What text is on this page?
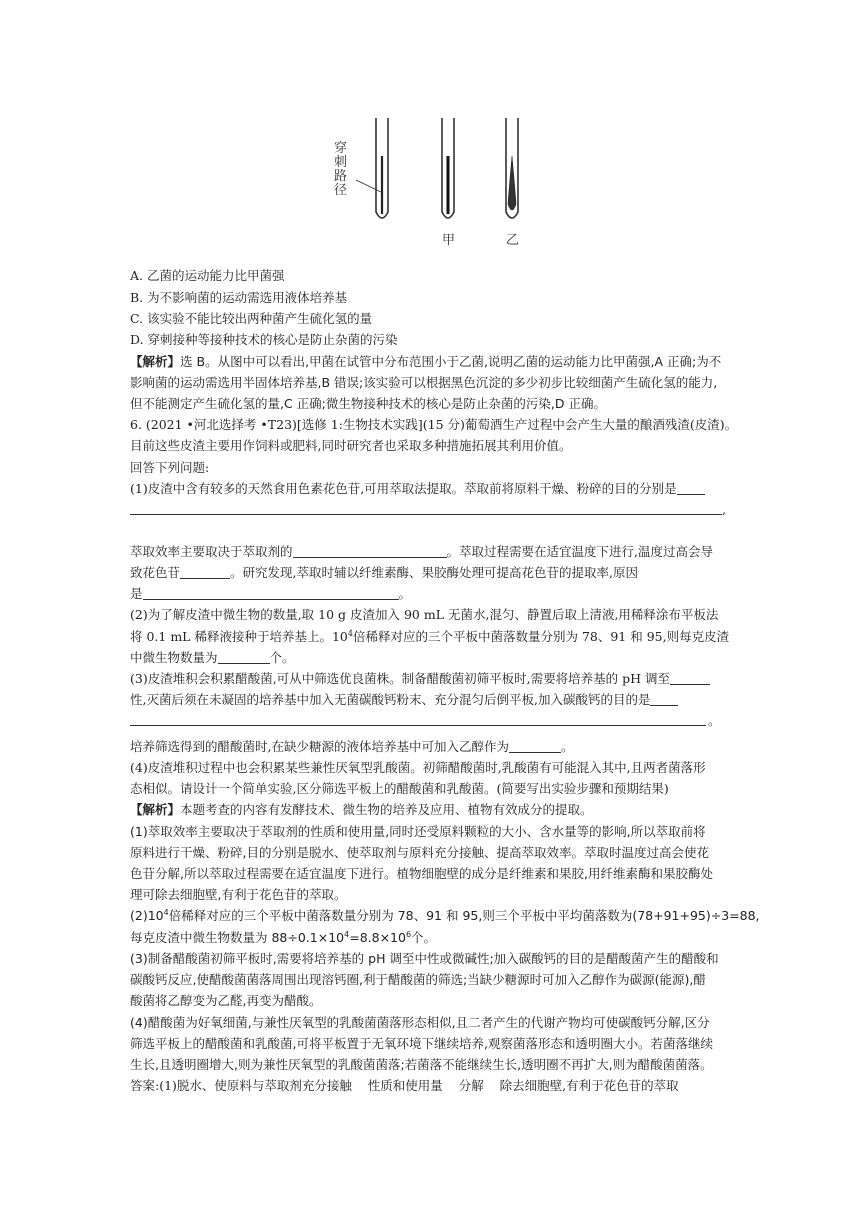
穿
刺
路
径
甲	乙
A. 乙菌的运动能力比甲菌强
B. 为不影响菌的运动需选用液体培养基
C. 该实验不能比较出两种菌产生硫化氢的量
D. 穿刺接种等接种技术的核心是防止杂菌的污染
【解析】选 B。从图中可以看出,甲菌在试管中分布范围小于乙菌,说明乙菌的运动能力比甲菌强,A 正确;为不
影响菌的运动需选用半固体培养基,B 错误;该实验可以根据黑色沉淀的多少初步比较细菌产生硫化氢的能力,
但不能测定产生硫化氢的量,C 正确;微生物接种技术的核心是防止杂菌的污染,D 正确。
6. (2021 •河北选择考 •T23)[选修 1:生物技术实践](15 分)葡萄酒生产过程中会产生大量的酿酒残渣(皮渣)。
目前这些皮渣主要用作饲料或肥料,同时研究者也采取多种措施拓展其利用价值。
回答下列问题:
(1)皮渣中含有较多的天然食用色素花色苷,可用萃取法提取。萃取前将原料干燥、粉碎的目的分别是
,
萃取效率主要取决于萃取剂的	。萃取过程需要在适宜温度下进行,温度过高会导
致花色苷	。研究发现,萃取时辅以纤维素酶、果胶酶处理可提高花色苷的提取率,原因
是	。
(2)为了解皮渣中微生物的数量,取 10 g 皮渣加入 90 mL 无菌水,混匀、静置后取上清液,用稀释涂布平板法
将 0.1 mL 稀释液接种于培养基上。$10^4$倍稀释对应的三个平板中菌落数量分别为 78、91 和 95,则每克皮渣
中微生物数量为	个。
(3)皮渣堆积会积累醋酸菌,可从中筛选优良菌株。制备醋酸菌初筛平板时,需要将培养基的 pH 调至
性,灭菌后须在未凝固的培养基中加入无菌碳酸钙粉末、充分混匀后倒平板,加入碳酸钙的目的是
。
培养筛选得到的醋酸菌时,在缺少糖源的液体培养基中可加入乙醇作为	。
(4)皮渣堆积过程中也会积累某些兼性厌氧型乳酸菌。初筛醋酸菌时,乳酸菌有可能混入其中,且两者菌落形
态相似。请设计一个简单实验,区分筛选平板上的醋酸菌和乳酸菌。(简要写出实验步骤和预期结果)
【解析】本题考查的内容有发酵技术、微生物的培养及应用、植物有效成分的提取。
(1)萃取效率主要取决于萃取剂的性质和使用量,同时还受原料颗粒的大小、含水量等的影响,所以萃取前将
原料进行干燥、粉碎,目的分别是脱水、使萃取剂与原料充分接触、提高萃取效率。萃取时温度过高会使花
色苷分解,所以萃取过程需要在适宜温度下进行。植物细胞壁的成分是纤维素和果胶,用纤维素酶和果胶酶处
理可除去细胞壁,有利于花色苷的萃取。
$(2)10^4$倍稀释对应的三个平板中菌落数量分别为 78、91 和 95,则三个平板中平均菌落数为(78+91+95)÷3=88,
每克皮渣中微生物数量为 $88\div 0.1\times 10^4=8.8\times 10^6$个。
(3)制备醋酸菌初筛平板时,需要将培养基的 pH 调至中性或微碱性;加入碳酸钙的目的是醋酸菌产生的醋酸和
碳酸钙反应,使醋酸菌菌落周围出现溶钙圈,利于醋酸菌的筛选;当缺少糖源时可加入乙醇作为碳源(能源),醋
酸菌将乙醇变为乙醛,再变为醋酸。
(4)醋酸菌为好氧细菌,与兼性厌氧型的乳酸菌菌落形态相似,且二者产生的代谢产物均可使碳酸钙分解,区分
筛选平板上的醋酸菌和乳酸菌,可将平板置于无氧环境下继续培养,观察菌落形态和透明圈大小。若菌落继续
生长,且透明圈增大,则为兼性厌氧型的乳酸菌菌落;若菌落不能继续生长,透明圈不再扩大,则为醋酸菌菌落。
答案:(1)脱水、使原料与萃取剂充分接触    性质和使用量    分解    除去细胞壁,有利于花色苷的萃取
